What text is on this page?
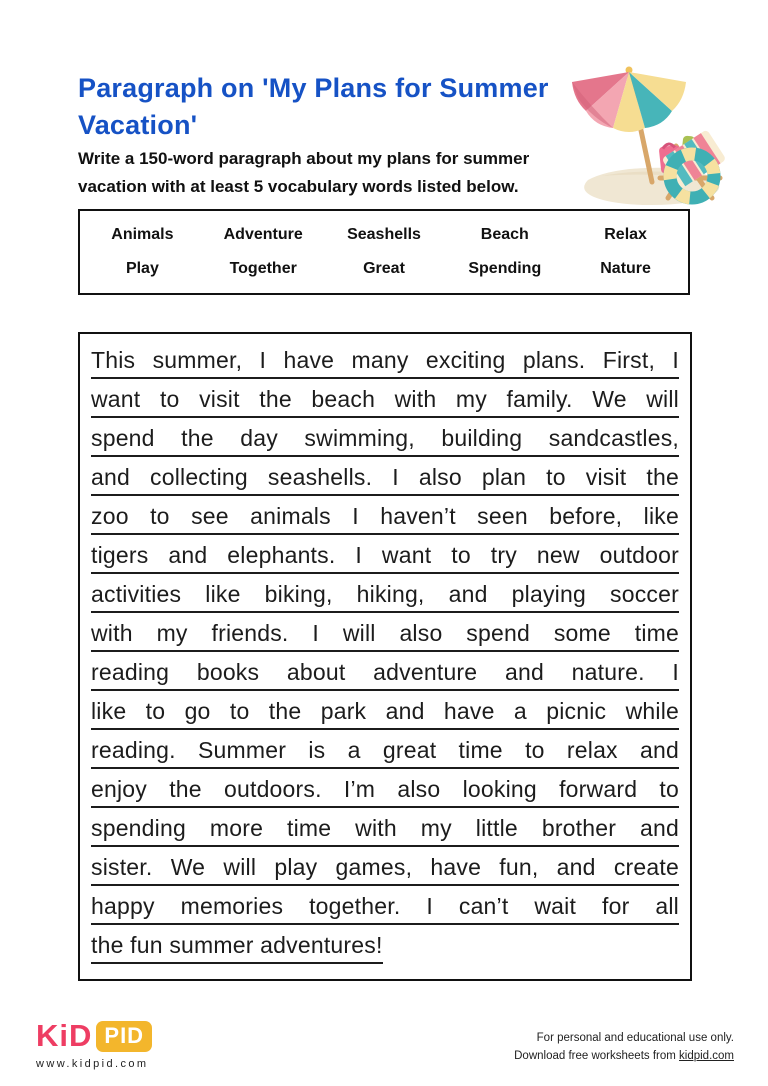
Paragraph on 'My Plans for Summer Vacation'

Write a 150-word paragraph about my plans for summer vacation with at least 5 vocabulary words listed below.

Animals	Adventure	Seashells	Beach	Relax
Play	Together	Great	Spending	Nature
This summer, I have many exciting plans. First, I
want to visit the beach with my family. We will
spend the day swimming, building sandcastles,
and collecting seashells. I also plan to visit the
zoo to see animals I haven’t seen before, like
tigers and elephants. I want to try new outdoor
activities like biking, hiking, and playing soccer
with my friends. I will also spend some time
reading books about adventure and nature. I
like to go to the park and have a picnic while
reading. Summer is a great time to relax and
enjoy the outdoors. I’m also looking forward to
spending more time with my little brother and
sister. We will play games, have fun, and create
happy memories together. I can’t wait for all
the fun summer adventures!
KiD PID
www.kidpid.com
For personal and educational use only.
Download free worksheets from kidpid.com
